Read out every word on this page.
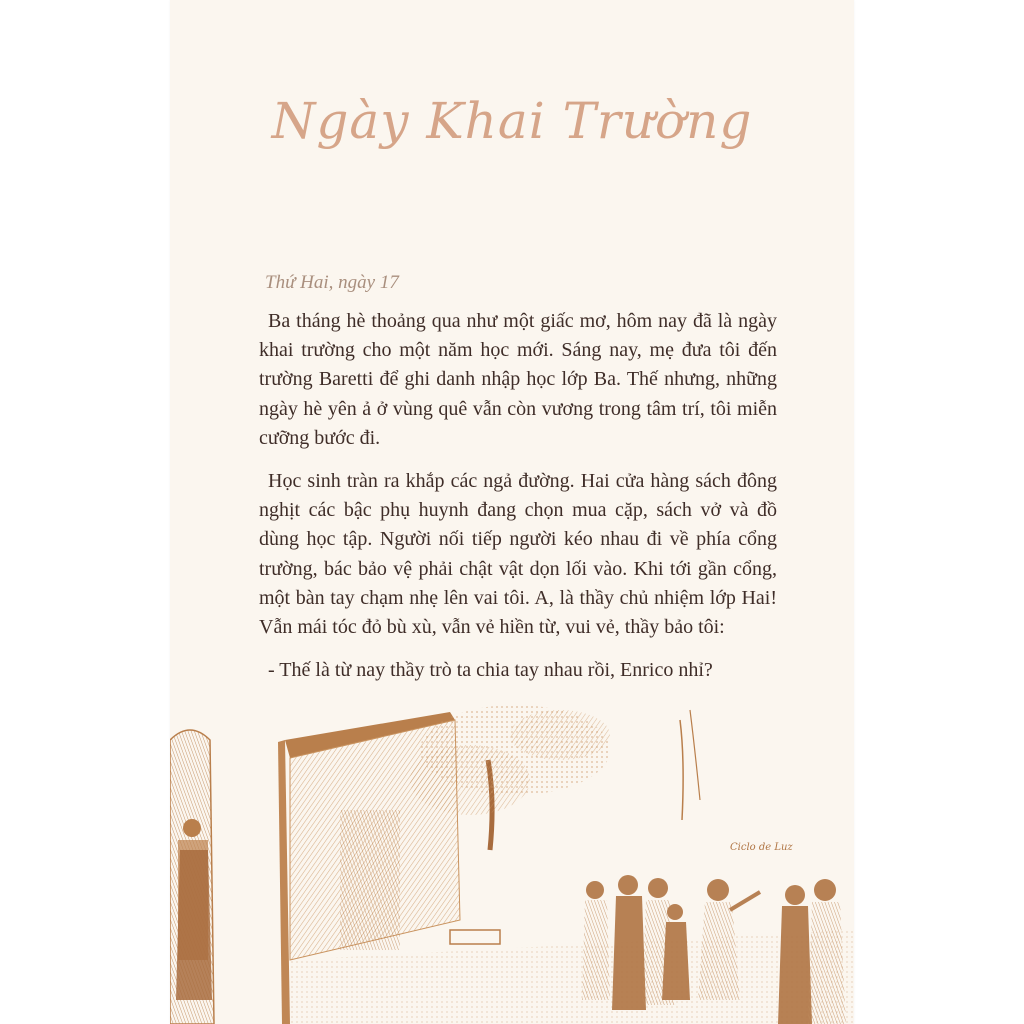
Ngày Khai Trường
Thứ Hai, ngày 17

Ba tháng hè thoảng qua như một giấc mơ, hôm nay đã là ngày khai trường cho một năm học mới. Sáng nay, mẹ đưa tôi đến trường Baretti để ghi danh nhập học lớp Ba. Thế nhưng, những ngày hè yên ả ở vùng quê vẫn còn vương trong tâm trí, tôi miễn cưỡng bước đi.

Học sinh tràn ra khắp các ngả đường. Hai cửa hàng sách đông nghịt các bậc phụ huynh đang chọn mua cặp, sách vở và đồ dùng học tập. Người nối tiếp người kéo nhau đi về phía cổng trường, bác bảo vệ phải chật vật dọn lối vào. Khi tới gần cổng, một bàn tay chạm nhẹ lên vai tôi. A, là thầy chủ nhiệm lớp Hai! Vẫn mái tóc đỏ bù xù, vẫn vẻ hiền từ, vui vẻ, thầy bảo tôi:

- Thế là từ nay thầy trò ta chia tay nhau rồi, Enrico nhỉ?

Ciclo de Luz
